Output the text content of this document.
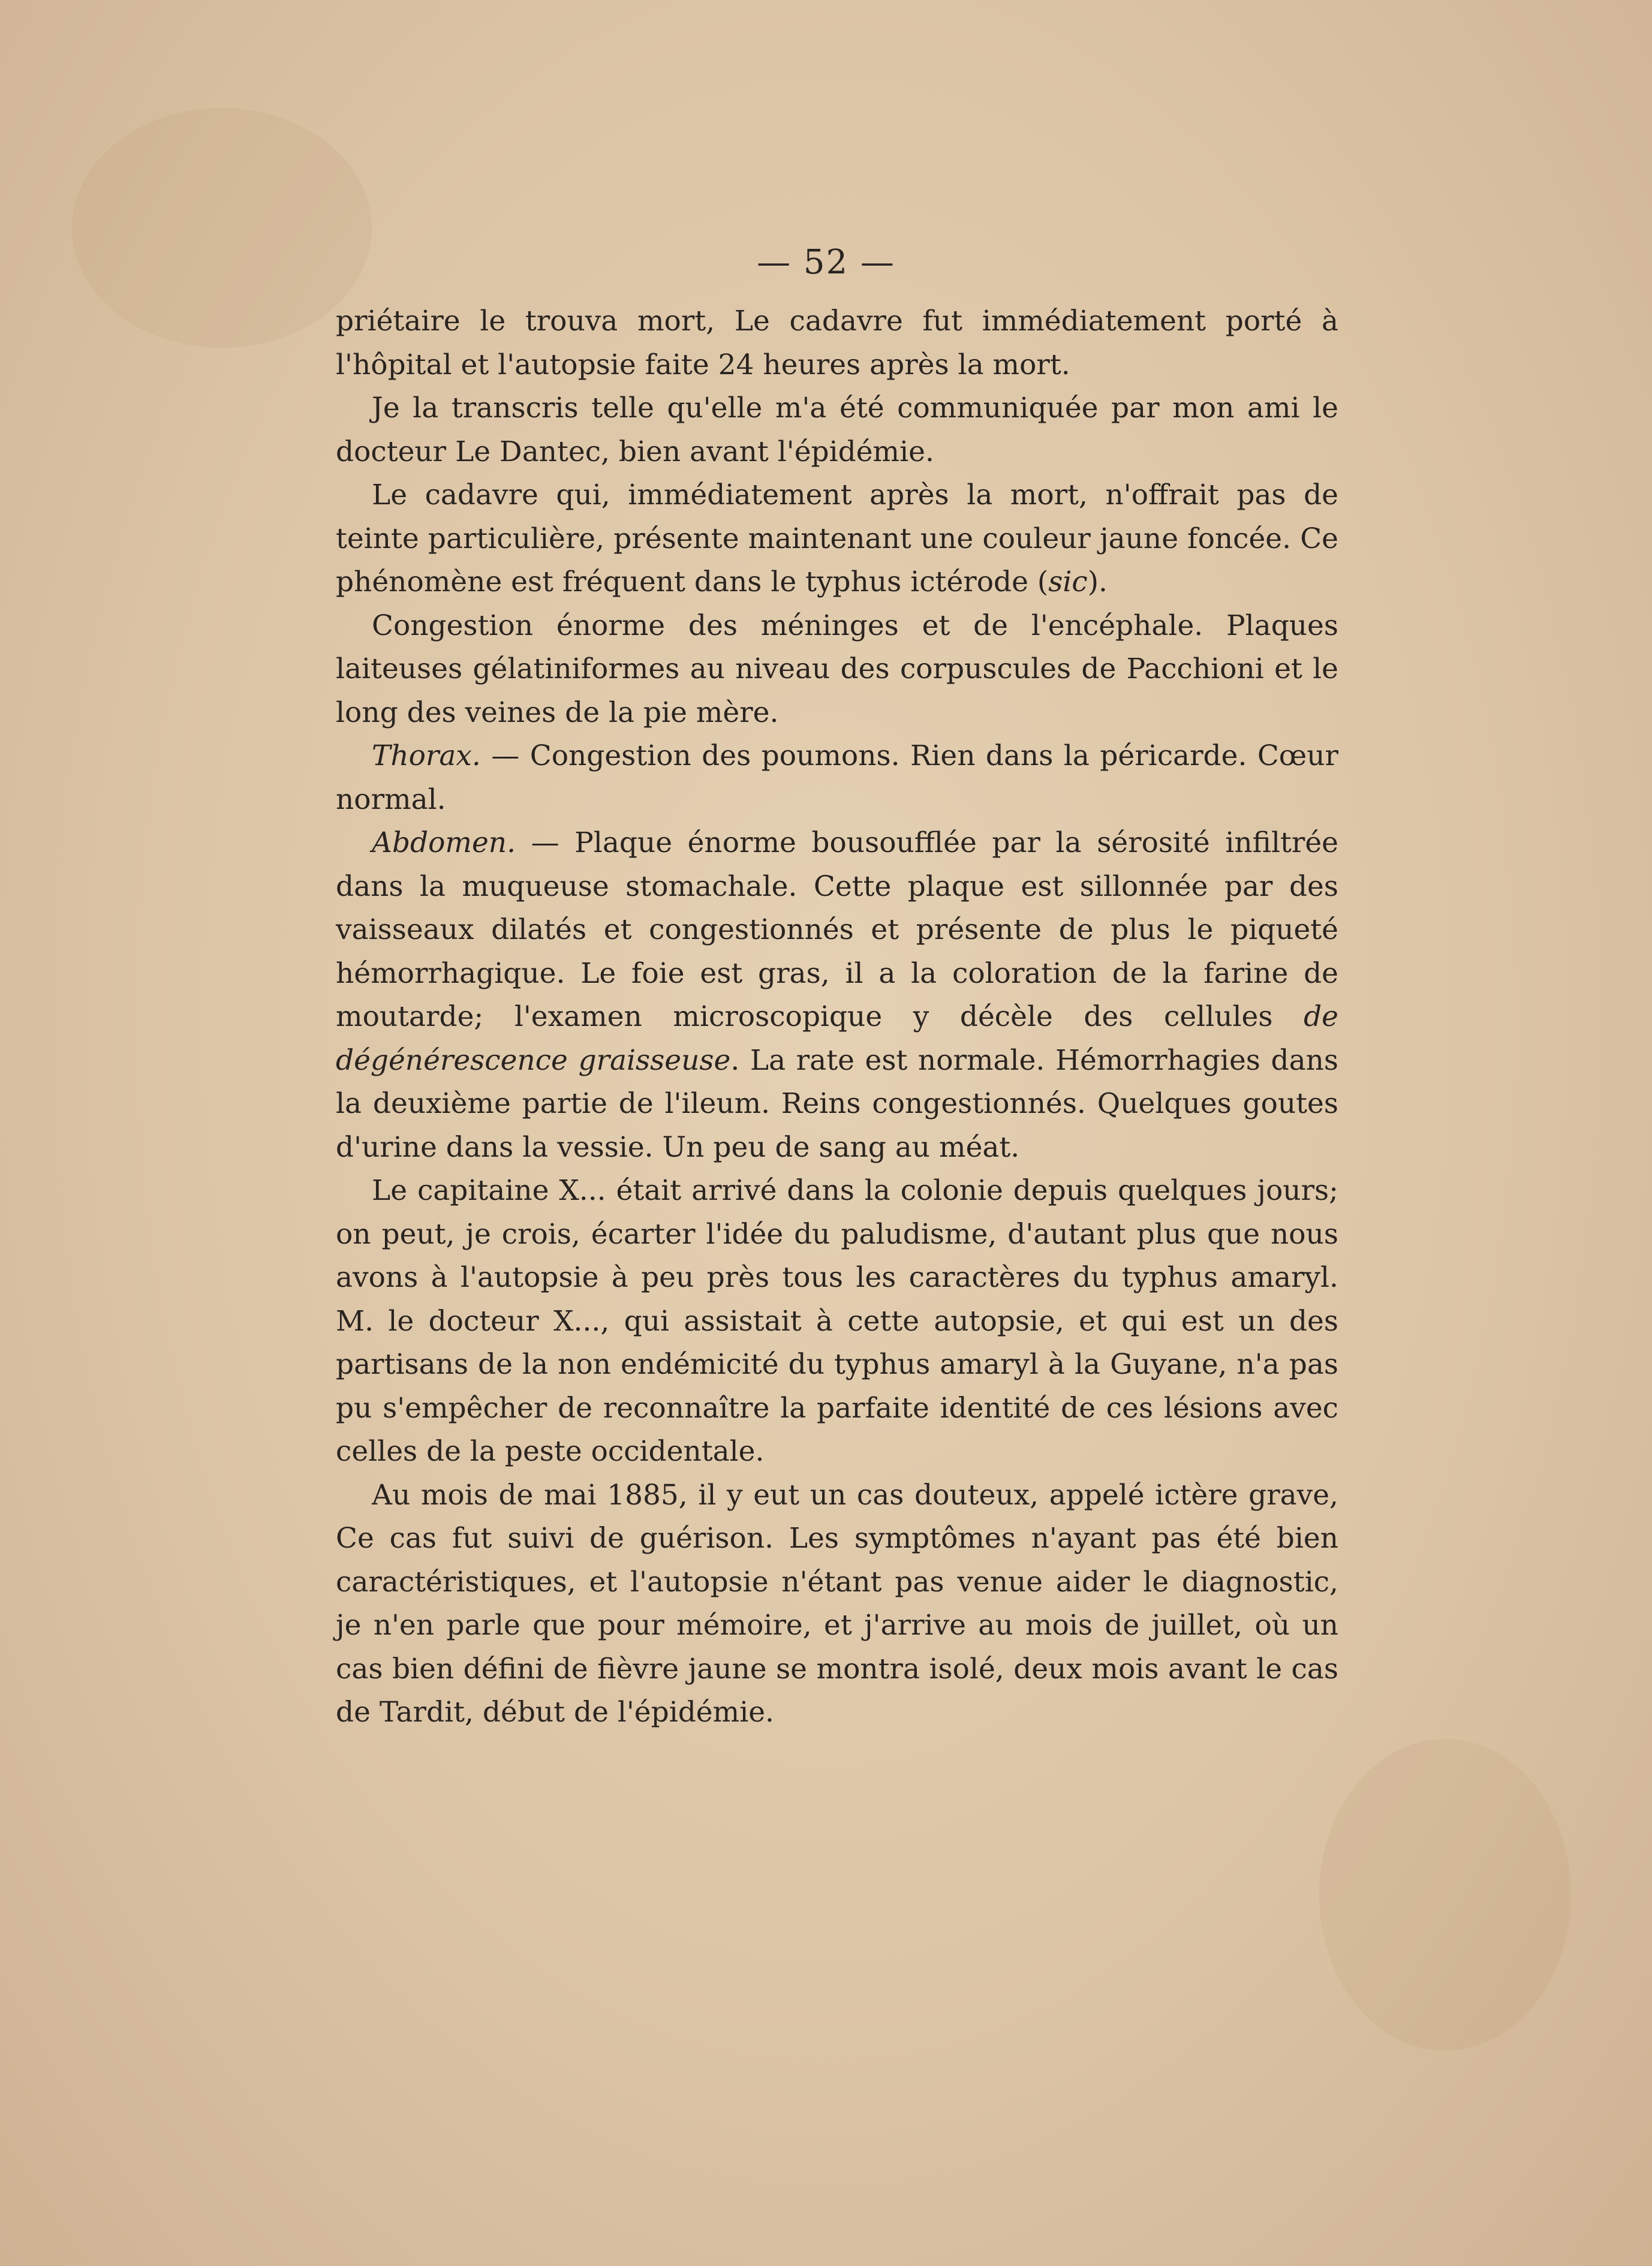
— 52 —

priétaire le trouva mort, Le cadavre fut immédiatement porté à l'hôpital et l'autopsie faite 24 heures après la mort.

Je la transcris telle qu'elle m'a été communiquée par mon ami le docteur Le Dantec, bien avant l'épidémie.

Le cadavre qui, immédiatement après la mort, n'offrait pas de teinte particulière, présente maintenant une couleur jaune foncée. Ce phénomène est fréquent dans le typhus ictérode (sic).

Congestion énorme des méninges et de l'encéphale. Plaques laiteuses gélatiniformes au niveau des corpuscules de Pacchioni et le long des veines de la pie mère.

Thorax. — Congestion des poumons. Rien dans la péricarde. Cœur normal.

Abdomen. — Plaque énorme bousoufflée par la sérosité infiltrée dans la muqueuse stomachale. Cette plaque est sillonnée par des vaisseaux dilatés et congestionnés et présente de plus le piqueté hémorrhagique. Le foie est gras, il a la coloration de la farine de moutarde; l'examen microscopique y décèle des cellules de dégénérescence graisseuse. La rate est normale. Hémorrhagies dans la deuxième partie de l'ileum. Reins congestionnés. Quelques goutes d'urine dans la vessie. Un peu de sang au méat.

Le capitaine X... était arrivé dans la colonie depuis quelques jours; on peut, je crois, écarter l'idée du paludisme, d'autant plus que nous avons à l'autopsie à peu près tous les caractères du typhus amaryl. M. le docteur X..., qui assistait à cette autopsie, et qui est un des partisans de la non endémicité du typhus amaryl à la Guyane, n'a pas pu s'empêcher de reconnaître la parfaite identité de ces lésions avec celles de la peste occidentale.

Au mois de mai 1885, il y eut un cas douteux, appelé ictère grave, Ce cas fut suivi de guérison. Les symptômes n'ayant pas été bien caractéristiques, et l'autopsie n'étant pas venue aider le diagnostic, je n'en parle que pour mémoire, et j'arrive au mois de juillet, où un cas bien défini de fièvre jaune se montra isolé, deux mois avant le cas de Tardit, début de l'épidémie.
